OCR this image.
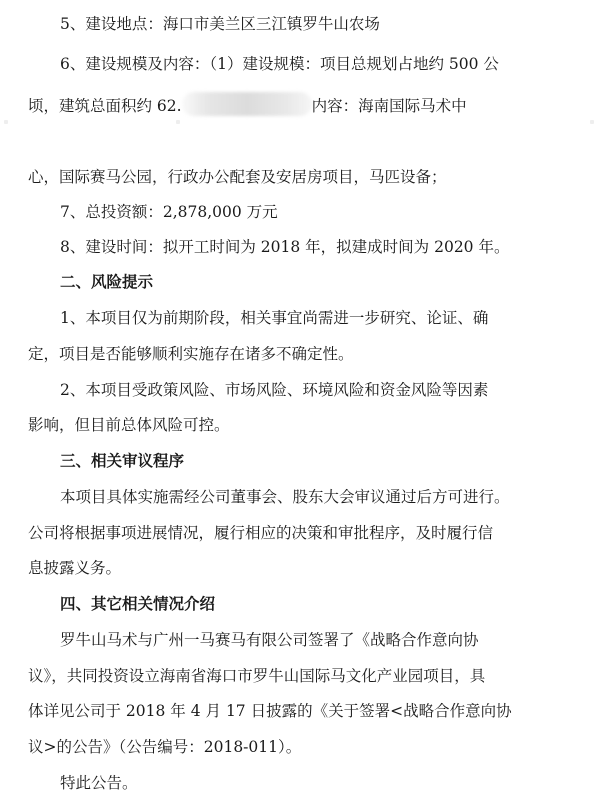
5、建设地点：海口市美兰区三江镇罗牛山农场
6、建设规模及内容：（1）建设规模：项目总规划占地约 500 公
顷，建筑总面积约 62.	内容：海南国际马术中
心，国际赛马公园，行政办公配套及安居房项目，马匹设备；
7、总投资额：2,878,000 万元
8、建设时间：拟开工时间为 2018 年，拟建成时间为 2020 年。
二、风险提示
1、本项目仅为前期阶段，相关事宜尚需进一步研究、论证、确
定，项目是否能够顺利实施存在诸多不确定性。
2、本项目受政策风险、市场风险、环境风险和资金风险等因素
影响，但目前总体风险可控。
三、相关审议程序
本项目具体实施需经公司董事会、股东大会审议通过后方可进行。
公司将根据事项进展情况，履行相应的决策和审批程序，及时履行信
息披露义务。
四、其它相关情况介绍
罗牛山马术与广州一马赛马有限公司签署了《战略合作意向协
议》，共同投资设立海南省海口市罗牛山国际马文化产业园项目，具
体详见公司于 2018 年 4 月 17 日披露的《关于签署<战略合作意向协
议>的公告》（公告编号：2018-011）。
特此公告。
